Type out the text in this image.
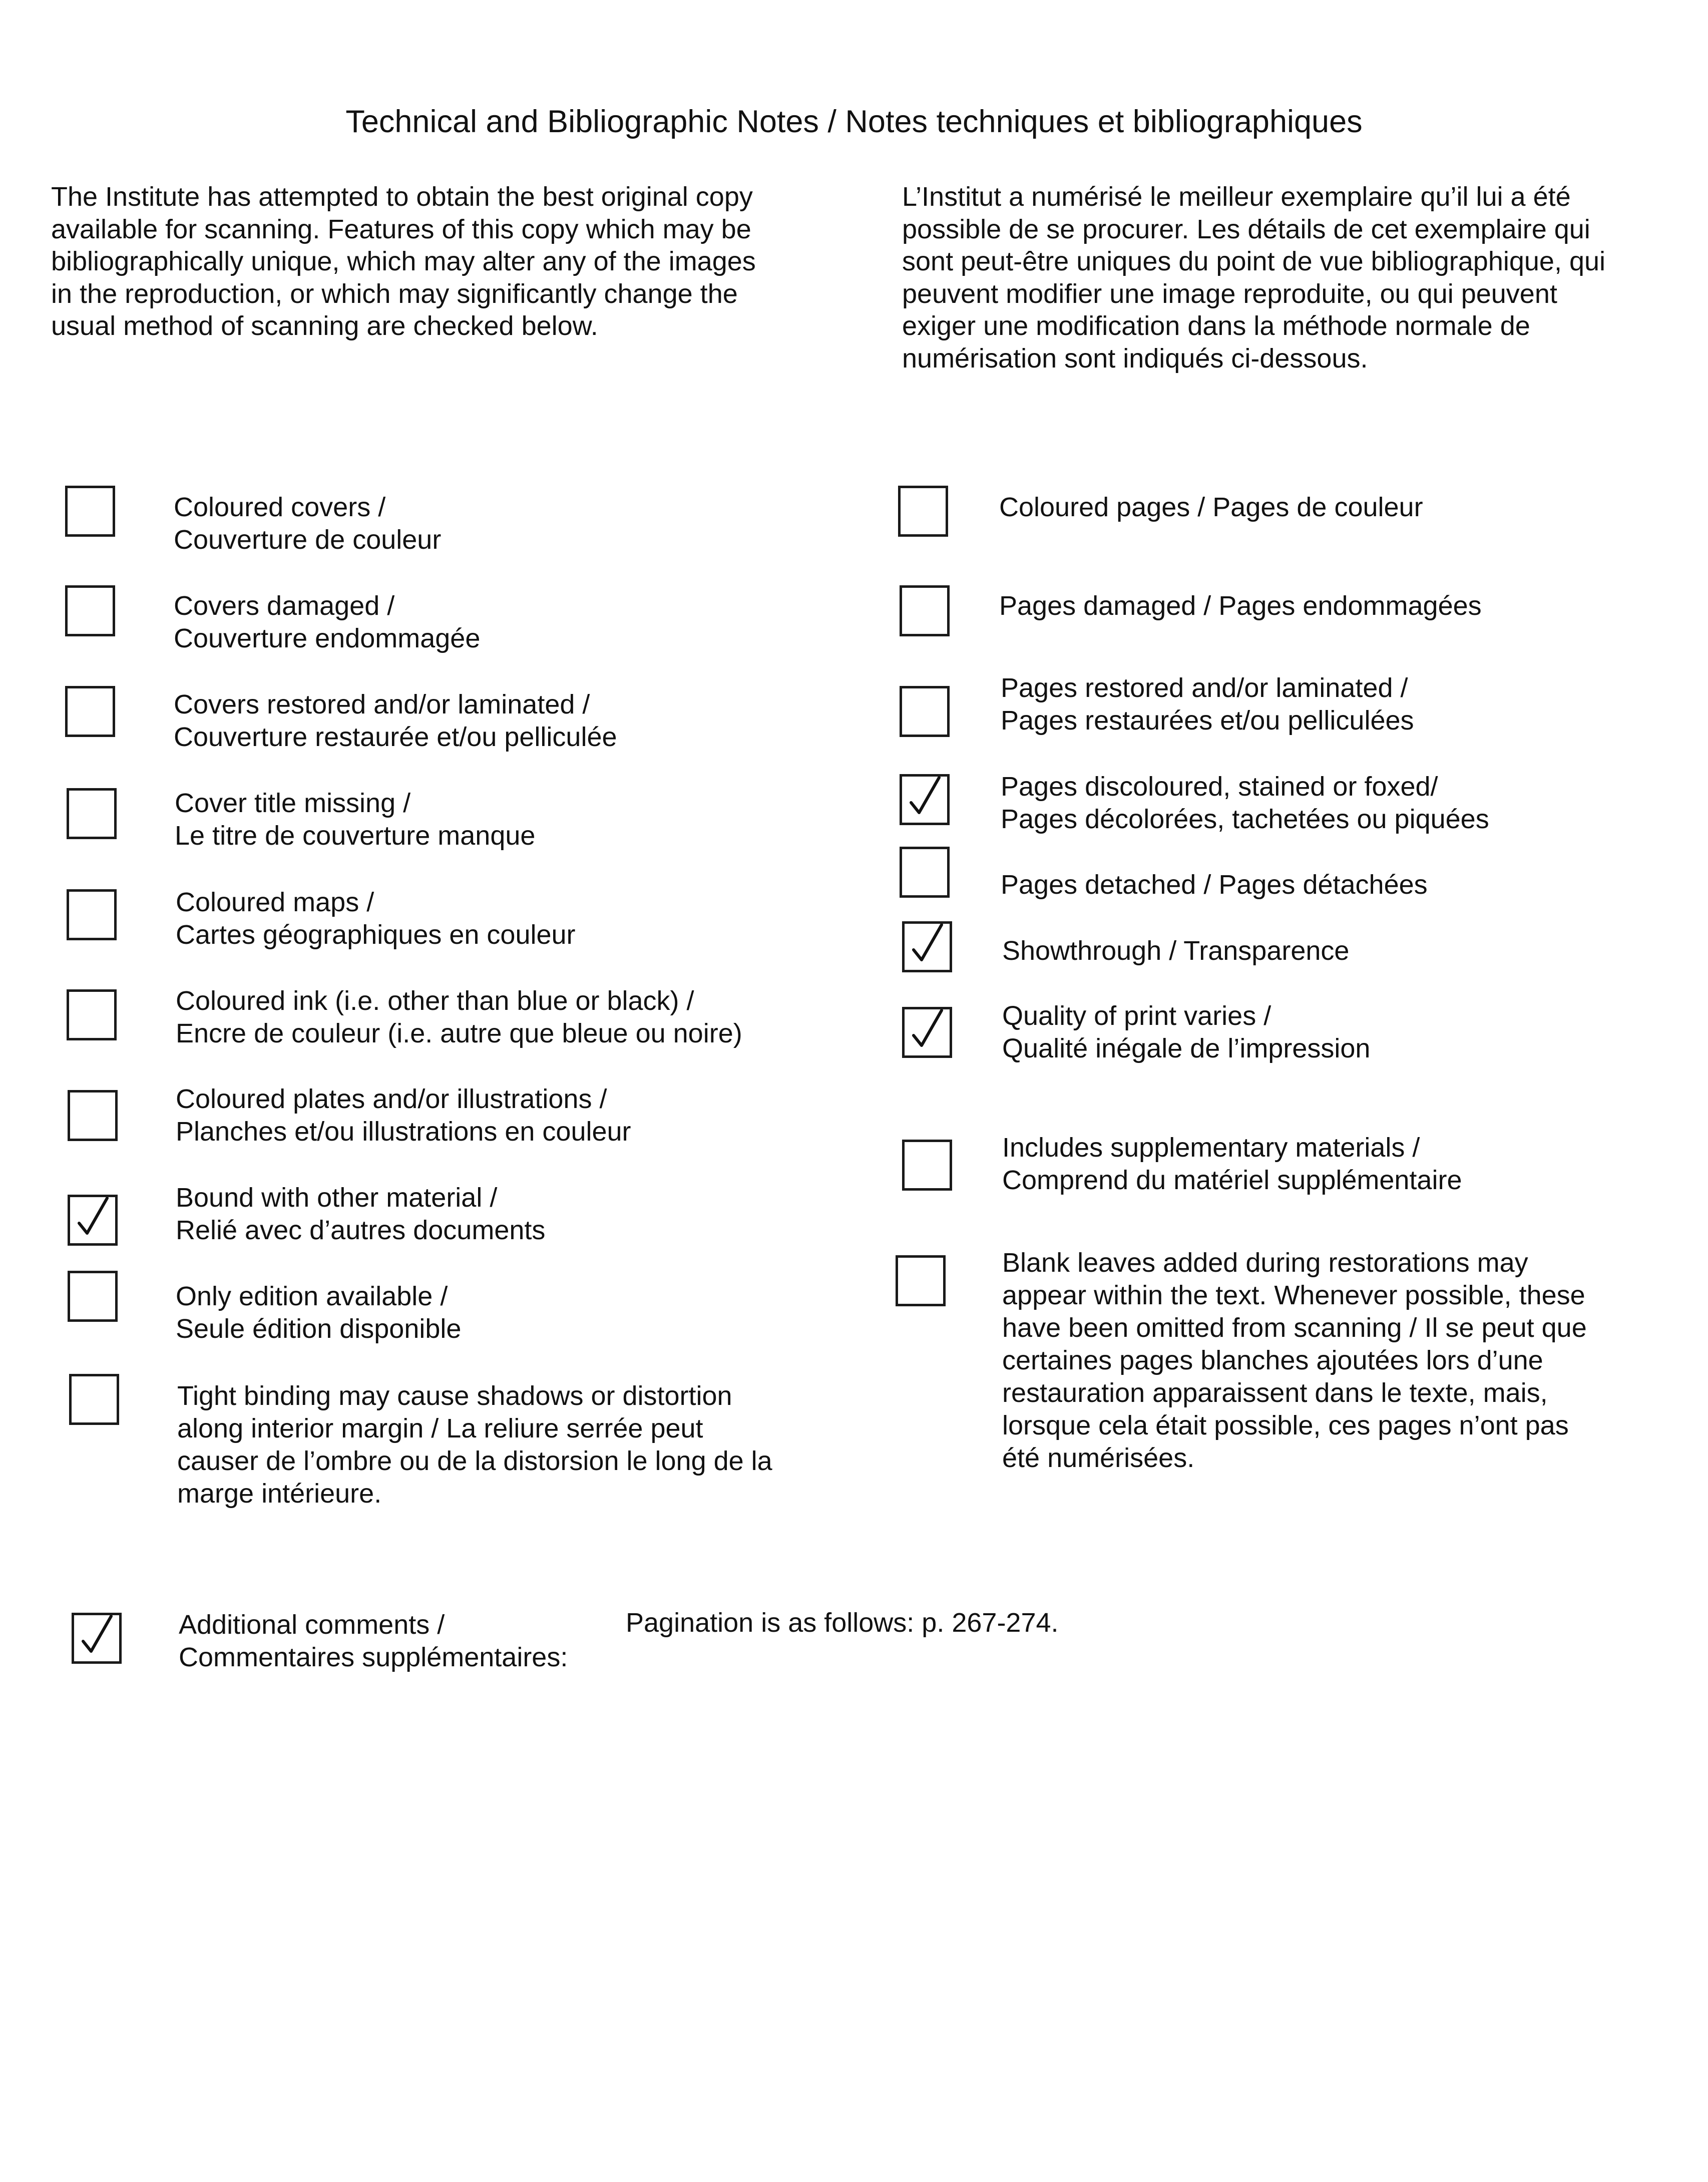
Technical and Bibliographic Notes / Notes techniques et bibliographiques
The Institute has attempted to obtain the best original copy
available for scanning. Features of this copy which may be
bibliographically unique, which may alter any of the images
in the reproduction, or which may significantly change the
usual method of scanning are checked below.
L’Institut a numérisé le meilleur exemplaire qu’il lui a été
possible de se procurer. Les détails de cet exemplaire qui
sont peut-être uniques du point de vue bibliographique, qui
peuvent modifier une image reproduite, ou qui peuvent
exiger une modification dans la méthode normale de
numérisation sont indiqués ci-dessous.
Coloured covers /
Couverture de couleur
Covers damaged /
Couverture endommagée
Covers restored and/or laminated /
Couverture restaurée et/ou pelliculée
Cover title missing /
Le titre de couverture manque
Coloured maps /
Cartes géographiques en couleur
Coloured ink (i.e. other than blue or black) /
Encre de couleur (i.e. autre que bleue ou noire)
Coloured plates and/or illustrations /
Planches et/ou illustrations en couleur
Bound with other material /
Relié avec d’autres documents
Only edition available /
Seule édition disponible
Tight binding may cause shadows or distortion
along interior margin / La reliure serrée peut
causer de l’ombre ou de la distorsion le long de la
marge intérieure.
Coloured pages / Pages de couleur
Pages damaged / Pages endommagées
Pages restored and/or laminated /
Pages restaurées et/ou pelliculées
Pages discoloured, stained or foxed/
Pages décolorées, tachetées ou piquées
Pages detached / Pages détachées
Showthrough / Transparence
Quality of print varies /
Qualité inégale de l’impression
Includes supplementary materials /
Comprend du matériel supplémentaire
Blank leaves added during restorations may
appear within the text. Whenever possible, these
have been omitted from scanning / Il se peut que
certaines pages blanches ajoutées lors d’une
restauration apparaissent dans le texte, mais,
lorsque cela était possible, ces pages n’ont pas
été numérisées.
Additional comments /
Commentaires supplémentaires:
Pagination is as follows: p. 267-274.
